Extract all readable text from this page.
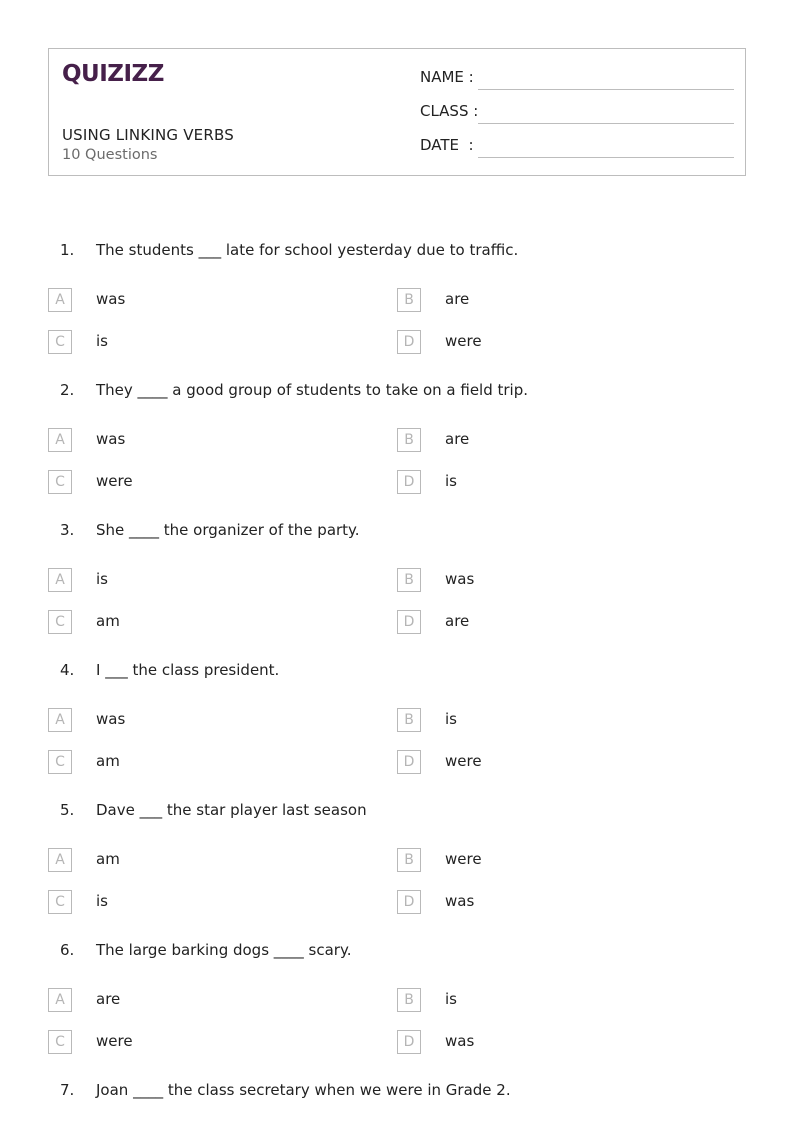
QUIZIZZ
USING LINKING VERBS
10 Questions
NAME :
CLASS :
DATE  :
1. The students ___ late for school yesterday due to traffic.
A	was	B	are
C	is	D	were
2. They ____ a good group of students to take on a field trip.
A	was	B	are
C	were	D	is
3. She ____ the organizer of the party.
A	is	B	was
C	am	D	are
4. I ___ the class president.
A	was	B	is
C	am	D	were
5. Dave ___ the star player last season
A	am	B	were
C	is	D	was
6. The large barking dogs ____ scary.
A	are	B	is
C	were	D	was
7. Joan ____ the class secretary when we were in Grade 2.
